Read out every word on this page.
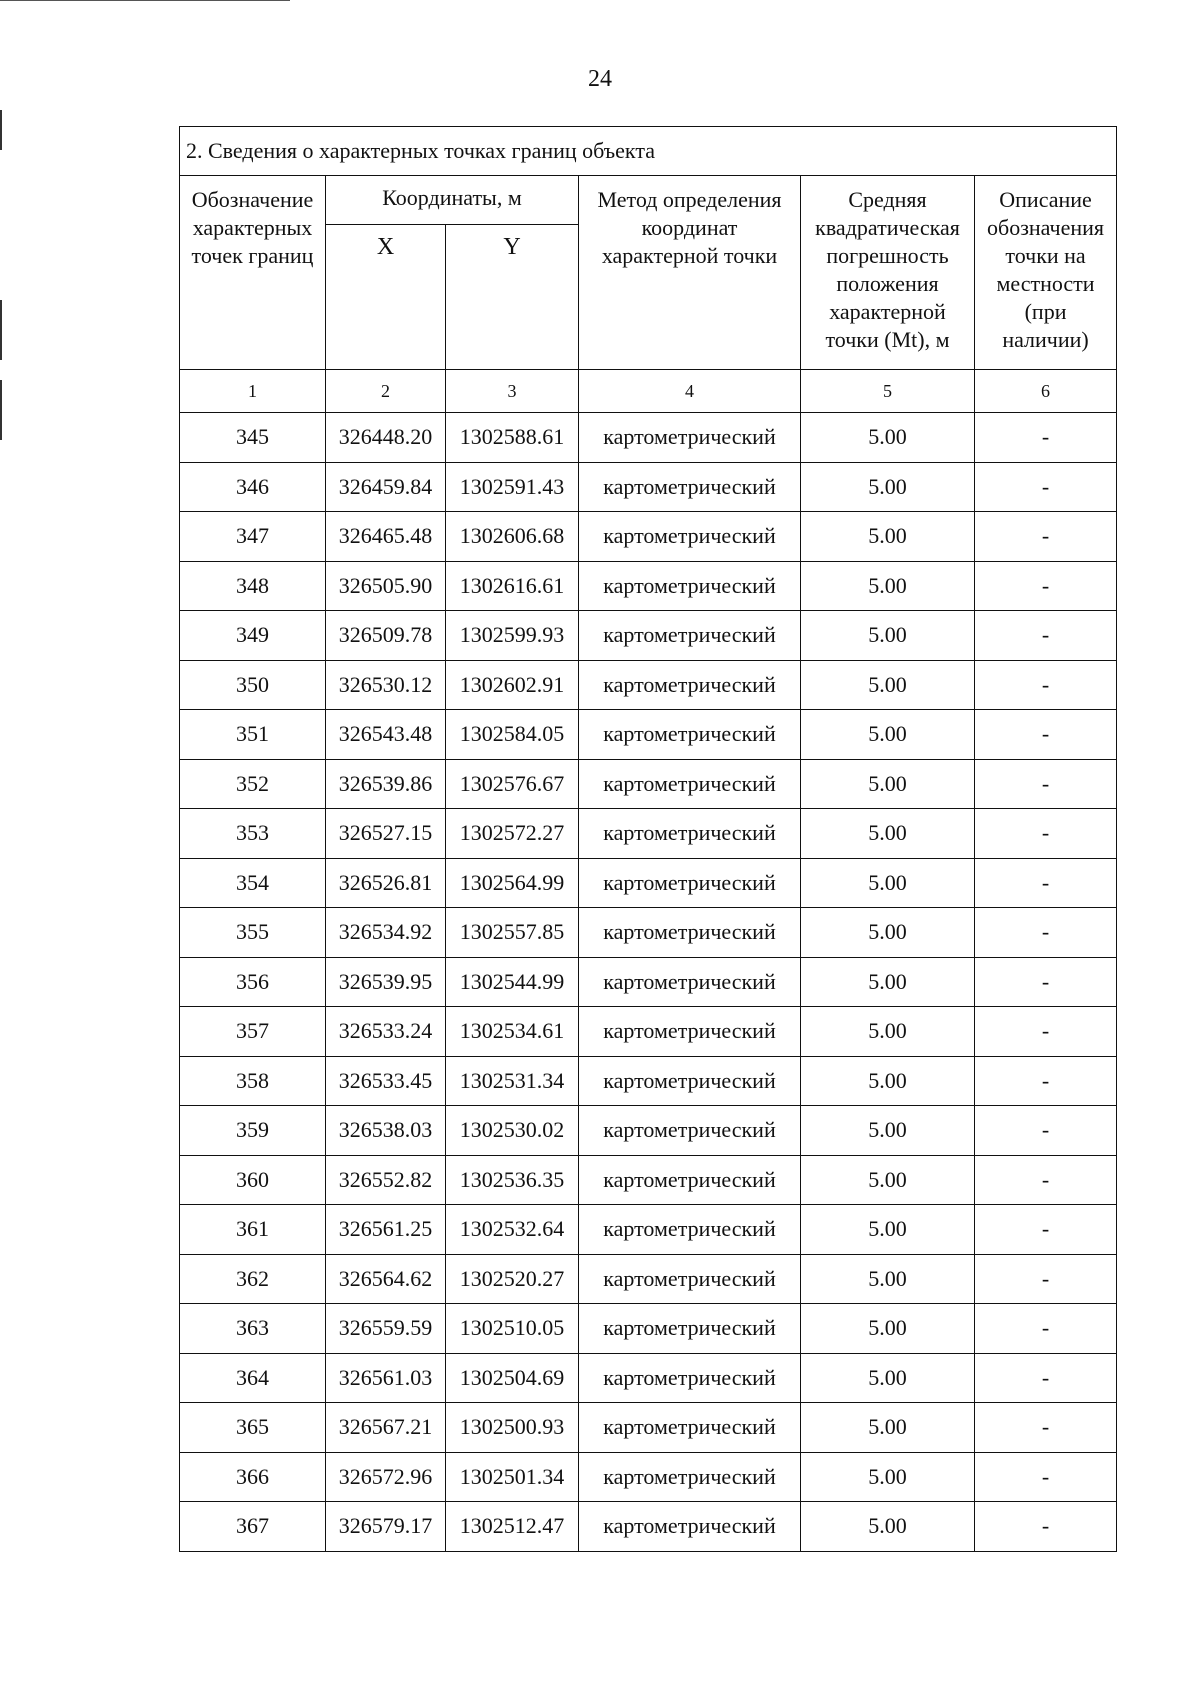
24
2. Сведения о характерных точках границ объекта					
Обозначение характерных точек границ	Координаты, м		Метод определения координат характерной точки	Средняя квадратическая погрешность положения характерной точки (Mt), м	Описание обозначения точки на местности (при наличии)
	X	Y			
1	2	3	4	5	6
345	326448.20	1302588.61	картометрический	5.00	-
346	326459.84	1302591.43	картометрический	5.00	-
347	326465.48	1302606.68	картометрический	5.00	-
348	326505.90	1302616.61	картометрический	5.00	-
349	326509.78	1302599.93	картометрический	5.00	-
350	326530.12	1302602.91	картометрический	5.00	-
351	326543.48	1302584.05	картометрический	5.00	-
352	326539.86	1302576.67	картометрический	5.00	-
353	326527.15	1302572.27	картометрический	5.00	-
354	326526.81	1302564.99	картометрический	5.00	-
355	326534.92	1302557.85	картометрический	5.00	-
356	326539.95	1302544.99	картометрический	5.00	-
357	326533.24	1302534.61	картометрический	5.00	-
358	326533.45	1302531.34	картометрический	5.00	-
359	326538.03	1302530.02	картометрический	5.00	-
360	326552.82	1302536.35	картометрический	5.00	-
361	326561.25	1302532.64	картометрический	5.00	-
362	326564.62	1302520.27	картометрический	5.00	-
363	326559.59	1302510.05	картометрический	5.00	-
364	326561.03	1302504.69	картометрический	5.00	-
365	326567.21	1302500.93	картометрический	5.00	-
366	326572.96	1302501.34	картометрический	5.00	-
367	326579.17	1302512.47	картометрический	5.00	-
